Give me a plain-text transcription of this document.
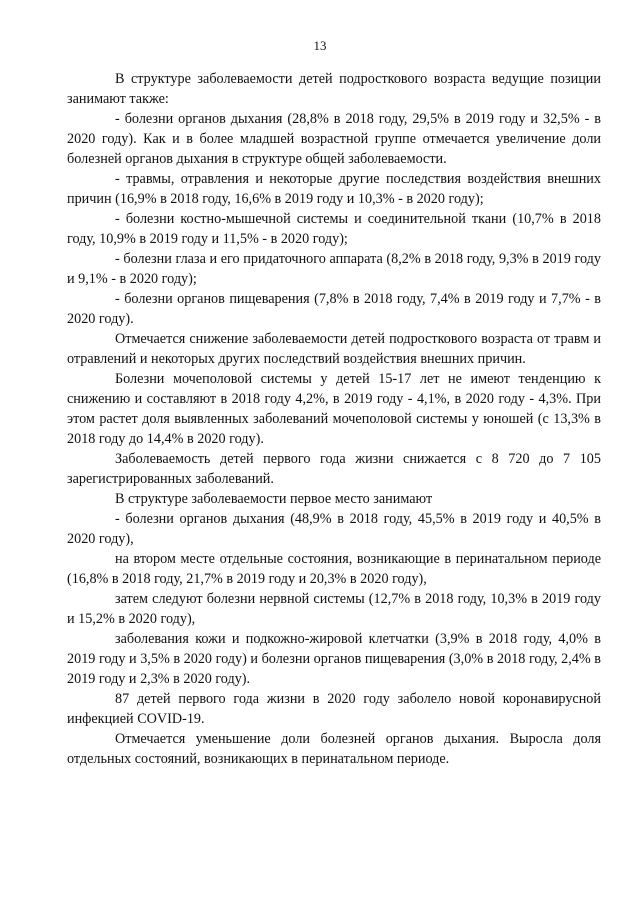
13

В структуре заболеваемости детей подросткового возраста ведущие позиции занимают также:

- болезни органов дыхания (28,8% в 2018 году, 29,5% в 2019 году и 32,5% - в 2020 году). Как и в более младшей возрастной группе отмечается увеличение доли болезней органов дыхания в структуре общей заболеваемости.

- травмы, отравления и некоторые другие последствия воздействия внешних причин (16,9% в 2018 году, 16,6% в 2019 году и 10,3% - в 2020 году);

- болезни костно-мышечной системы и соединительной ткани (10,7% в 2018 году, 10,9% в 2019 году и 11,5% - в 2020 году);

- болезни глаза и его придаточного аппарата (8,2% в 2018 году, 9,3% в 2019 году и 9,1% - в 2020 году);

- болезни органов пищеварения (7,8% в 2018 году, 7,4% в 2019 году и 7,7% - в 2020 году).

Отмечается снижение заболеваемости детей подросткового возраста от травм и отравлений и некоторых других последствий воздействия внешних причин.

Болезни мочеполовой системы у детей 15-17 лет не имеют тенденцию к снижению и составляют в 2018 году 4,2%, в 2019 году - 4,1%, в 2020 году - 4,3%. При этом растет доля выявленных заболеваний мочеполовой системы у юношей (с 13,3% в 2018 году до 14,4% в 2020 году).

Заболеваемость детей первого года жизни снижается с 8 720 до 7 105 зарегистрированных заболеваний.

В структуре заболеваемости первое место занимают

- болезни органов дыхания (48,9% в 2018 году, 45,5% в 2019 году и 40,5% в 2020 году),

на втором месте отдельные состояния, возникающие в перинатальном периоде (16,8% в 2018 году, 21,7% в 2019 году и 20,3% в 2020 году),

затем следуют болезни нервной системы (12,7% в 2018 году, 10,3% в 2019 году и 15,2% в 2020 году),

заболевания кожи и подкожно-жировой клетчатки (3,9% в 2018 году, 4,0% в 2019 году и 3,5% в 2020 году) и болезни органов пищеварения (3,0% в 2018 году, 2,4% в 2019 году и 2,3% в 2020 году).

87 детей первого года жизни в 2020 году заболело новой коронавирусной инфекцией COVID-19.

Отмечается уменьшение доли болезней органов дыхания. Выросла доля отдельных состояний, возникающих в перинатальном периоде.
